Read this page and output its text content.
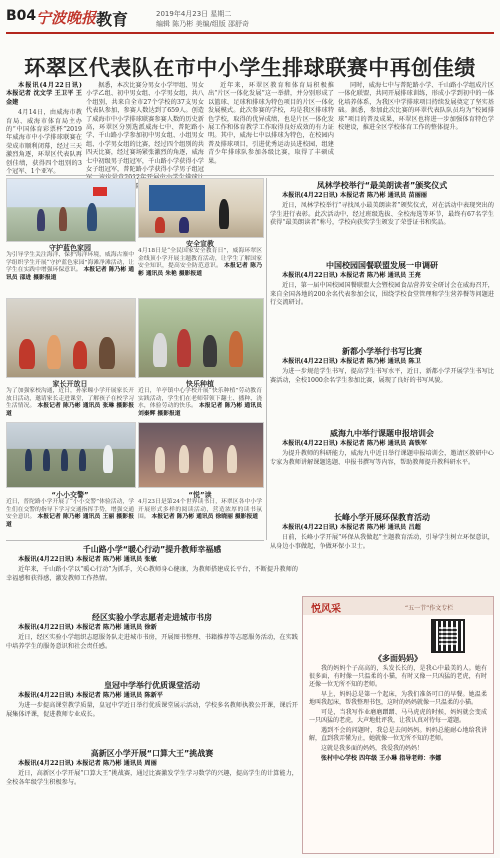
B04 宁波晚报 教育	2019年4月23日 星期二
编辑 陈乃彬 美编/组版 邵舒奇
环翠区代表队在市中小学生排球联赛中再创佳绩

本报讯(4月22日讯) 本报记者 沈文学 王卫平 王金建

4月14日，由威海市教育局、威海市体育局主办的“中国体育彩票杯”2019年威海市中小学排球联赛在荣成市顺利闭幕，经过三天激烈角逐，环翠区代表队再创佳绩，获得四个组别的3个冠军、1个亚军。

据悉，本次比赛分男女小学甲组、男女小学乙组、初中男女组、小学男女组，共八个组别，共来自全市27个学校的37支男女代表队参加，参赛人数达到了659人。创造了威海市中小学排球联赛参赛人数的历史新高，环翠区分别选派威海七中、普陀路小学、千山路小学参加初中男女组、小组男女组、小学男女组的比赛，经过四个组别的共四天比赛，经过赛场紧张激烈的角逐，威海七中初级男子组冠军，千山路小学获得小学女子组冠军，普陀路小学获得小学男子组冠 12

近年来，环翠区教育和体育局积极推出“片区一体化发展”这一举措，并分别形成了以篮球、足球和排球为特色项目的片区一体化发展模式。此次参赛的学校，均是我区排球特色学校，取得的优异成绩，也是片区一体化发展工作和体育教学工作取得良好成效的有力证明。其中，威海七中以排球为特色，在校园内普及排球项目，引进优秀运动员进校园，组建青少年排球队参加各级比赛，取得了丰硕成果。

同时，威海七中与普陀路小学、千山路小学组成片区一体化联盟，共同开展排球训练，形成小学到初中的一体化培养体系，为我区中学排球项目持续发展奠定了坚实基础。据悉，参加此次比赛的环翠代表队队员均为“校园排球”项目的普及成果，环翠区也将进一步加强体育特色学校建设，推进全区学校体育工作的整体提升。

守护蓝色家园
为引导学生关注海洋、保护海洋环境，威海古寨中学组织学生开展“守护蓝色家园”海滩净滩活动，让学生在实践中增强环保意识。 本报记者 陈乃彬 通讯员 邵进 摄影报道
家长开放日
为了加强家校沟通，近日，孙家疃小学开展家长开放日活动，邀请家长走进课堂，了解孩子在校学习生活情况。 本报记者 陈乃彬 通讯员 张琳 摄影报道
“小小交警”
近日，普陀路小学开展了“小小交警”体验活动，学生们在交警的指导下学习交通指挥手势，增强交通安全意识。 本报记者 陈乃彬 通讯员 王丽 摄影报道
安全宣教
4月18日是“全民国家安全教育日”，威海环翠区金线顶小学开展主题教育活动，让学生了解国家安全知识，提高安全防范意识。 本报记者 陈乃彬 通讯员 朱艳 摄影报道
快乐种植
近日，羊亭镇中心学校开展“快乐种植”劳动教育实践活动，学生们在老师带领下翻土、播种、浇水，体验劳动的快乐。 本报记者 陈乃彬 通讯员 刘秦辉 摄影报道
“悦”读
4月23日是第24个世界读书日，环翠区各中小学开展形式多样的阅读活动，营造浓厚的读书氛围。 本报记者 陈乃彬 通讯员 徐晓丽 摄影报道
凤林学校举行“最美朗读者”颁奖仪式

本报讯(4月22日讯) 本报记者 陈乃彬 通讯员 苗丽丽

近日，凤林学校举行“寻找凤小最美朗读者”颁奖仪式，对在活动中表现突出的学生进行表彰。此次活动中，经过班级选拔、全校海选等环节，最终有67名学生获得“最美朗读者”称号，学校向获奖学生颁发了荣誉证书和奖品。

中国校园国餐联盟发展一申调研

本报讯(4月22日讯) 本报记者 陈乃彬 通讯员 王亮

近日，第一届中国校园国餐联盟大会暨校园食品营养安全研讨会在威海召开，来自全国各地的200余名代表参加会议，围绕学校食堂管理和学生营养餐等问题进行交流研讨。

新都小学举行书写比赛

本报讯(4月22日讯) 本报记者 陈乃彬 通讯员 陈卫

为进一步规范学生书写，提高学生书写水平，近日，新都小学开展学生书写比赛活动，全校1000余名学生参加比赛，展现了良好的书写风貌。

威海九中举行课题申报培训会

本报讯(4月22日讯) 本报记者 陈乃彬 通讯员 高铁军

为提升教师的科研能力，威海九中近日举行课题申报培训会，邀请区教研中心专家为教师讲解课题选题、申报书撰写等内容，帮助教师提升教科研水平。

长峰小学开展环保教育活动

本报讯(4月22日讯) 本报记者 陈乃彬 通讯员 吕超

日前，长峰小学开展“环保从我做起”主题教育活动，引导学生树立环保意识，从身边小事做起，争做环保小卫士。

千山路小学“暖心行动”提升教师幸福感

本报讯(4月22日讯) 本报记者 陈乃彬 通讯员 张敏

近年来，千山路小学以“暖心行动”为抓手，关心教师身心健康，为教师搭建成长平台，不断提升教师的幸福感和获得感，激发教师工作热情。

经区实验小学志愿者走进城市书房

本报讯(4月22日讯) 本报记者 陈乃彬 通讯员 徐新

近日，经区实验小学组织志愿服务队走进城市书房，开展图书整理、书籍推荐等志愿服务活动，在实践中培养学生的服务意识和社会责任感。

皇冠中学举行优质课堂活动

本报讯(4月22日讯) 本报记者 陈乃彬 通讯员 陈新平

为进一步提高课堂教学质量，皇冠中学近日举行优质课堂展示活动，学校多名教师执教公开课，课后开展集体评课，促进教师专业成长。

高新区小学开展“口算大王”挑战赛

本报讯(4月22日讯) 本报记者 陈乃彬 通讯员 周丽

近日，高新区小学开展“口算大王”挑战赛，通过比赛激发学生学习数学的兴趣，提高学生的计算能力，全校各年级学生积极参与。

悦风采	“五一节”作文专栏
《多面妈妈》

我的妈妈个子高高的，头发长长的，是我心中最美的人。她有很多面，有时像一只温柔的小猫，有时又像一只凶猛的老虎，有时还像一位无所不知的老师。

早上，妈妈总是第一个起床，为我们准备可口的早餐。她温柔地叫我起床，帮我整理书包，这时的妈妈就像一只温柔的小猫。

可是，当我写作业磨磨蹭蹭、马马虎虎的时候，妈妈就会变成一只凶猛的老虎，大声地批评我，让我认真对待每一道题。

遇到不会的问题时，我总是去问妈妈。妈妈总能耐心地给我讲解，直到我弄懂为止，她就像一位无所不知的老师。

这就是我多面的妈妈，我爱我的妈妈！

张村中心学校 四年级 王小琳 指导老师：李娜
